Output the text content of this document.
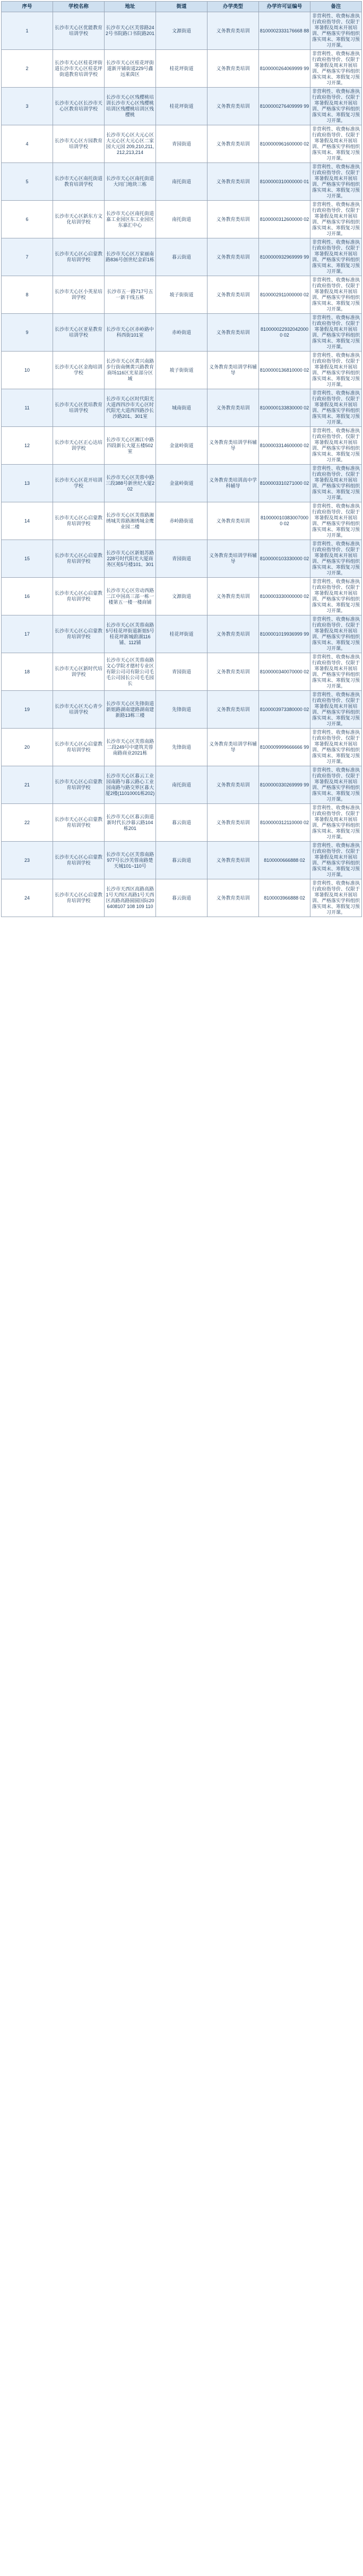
序号	学校名称	地址	街道	办学类型	办学许可证编号	备注
1	长沙市天心区优能教育培训学校	长沙市天心区芙蓉路242号书院路口书院路201	文源街道	义务教育类培训	8100002333176668 88	非营利性、收费标准执行政府指导价、仅限于寒暑假及周末开展培训、严格落实学科组织落实周末、寒假复习预习开课。
2	长沙市天心区桂花坪街道长沙市天心区桂花坪街道教育培训学校	长沙市天心区桂花坪街道新开铺街道229号鑫远莱茵区	桂花坪街道	义务教育类培训	8100000264069999 99	非营利性、收费标准执行政府指导价、仅限于寒暑假及周末开展培训、严格落实学科组织落实周末、寒假复习预习开课。
3	长沙市天心区长沙市天心区教育培训学校	长沙市天心区残樱桃培训长沙市天心区残樱桃培训区残樱桃培训区残樱桃	桂花坪街道	义务教育类培训	8100000276409999 99	非营利性、收费标准执行政府指导价、仅限于寒暑假及周末开展培训、严格落实学科组织落实周末、寒假复习预习开课。
4	长沙市天心区方园教育培训学校	长沙市天心区大元心区大元心区大元心区二家园大元园 209,210,211,212,213,214	青园街道	义务教育类培训	8100000961600000 02	非营利性、收费标准执行政府指导价、仅限于寒暑假及周末开展培训、严格落实学科组织落实周末、寒假复习预习开课。
5	长沙市天心区南托街道教育培训学校	长沙市天心区南托街道大同门地块三栋	南托街道	义务教育类培训	8100000310000000 01	非营利性、收费标准执行政府指导价、仅限于寒暑假及周末开展培训、严格落实学科组织落实周末、寒假复习预习开课。
6	长沙市天心区新东方文化培训学校	长沙市天心区南托街道嘉工业园区东工业园区东嘉汇中心	南托街道	义务教育类培训	8100000312600000 02	非营利性、收费标准执行政府指导价、仅限于寒暑假及周末开展培训、严格落实学科组织落实周末、寒假复习预习开课。
7	长沙市天心区心启蒙教育培训学校	长沙市天心区万家丽南路836号创世纪金彩1栋	暮云街道	义务教育类培训	8100000932969999 99	非营利性、收费标准执行政府指导价、仅限于寒暑假及周末开展培训、严格落实学科组织落实周末、寒假复习预习开课。
8	长沙市天心区小英星培训学校	长沙市五一路717号五一新干线五栋	坡子街街道	义务教育类培训	8100002911000000 02	非营利性、收费标准执行政府指导价、仅限于寒暑假及周末开展培训、严格落实学科组织落实周末、寒假复习预习开课。
9	长沙市天心区亚星教育培训学校	长沙市天心区赤岭路中科西街101室	赤岭街道	义务教育类培训	8100000229320420000 02	非营利性、收费标准执行政府指导价、仅限于寒暑假及周末开展培训、严格落实学科组织落实周末、寒假复习预习开课。
10	长沙市天心区金海培训学校	长沙市天心区黄兴南路步行街南侧黄兴路教育商场116区光星部分区域	坡子街街道	义务教育类培训学科辅导	8100000136810000 02	非营利性、收费标准执行政府指导价、仅限于寒暑假及周末开展培训、严格落实学科组织落实周末、寒假复习预习开课。
11	长沙市天心区优培教育培训学校	长沙市天心区时代阳光大道西四沙市天心区时代阳光大道西四路沙长沙路201、301室	城南街道	义务教育类培训	8100000133830000 02	非营利性、收费标准执行政府指导价、仅限于寒暑假及周末开展培训、严格落实学科组织落实周末、寒假复习预习开课。
12	长沙市天心区正心达培训学校	长沙市天心区湘江中路四段新长大厦五楼502室	金盆岭街道	义务教育类培训学科辅导	8100003314600000 02	非营利性、收费标准执行政府指导价、仅限于寒暑假及周末开展培训、严格落实学科组织落实周末、寒假复习预习开课。
13	长沙市天心区花开培训学校	长沙市天心区芙蓉中路三段388号新世纪大厦202	金盆岭街道	义务教育类培训高中学科辅导	8100003310271000 02	非营利性、收费标准执行政府指导价、仅限于寒暑假及周末开展培训、严格落实学科组织落实周末、寒假复习预习开课。
14	长沙市天心区心启蒙教育培训学校	长沙市天心区芙蓉路湘绣城芙蓉路湘绣城金鹰业园二楼	赤岭路街道	义务教育类培训	8100000103830070000 02	非营利性、收费标准执行政府指导价、仅限于寒暑假及周末开展培训、严格落实学科组织落实周末、寒假复习预习开课。
15	长沙市天心区心启蒙教育培训学校	长沙市天心区新姐苏路228号时代阳光大厦商务区苑5号楼101、301	青园街道	义务教育类培训学科辅导	8100000103330000 02	非营利性、收费标准执行政府指导价、仅限于寒暑假及周末开展培训、严格落实学科组织落实周末、寒假复习预习开课。
16	长沙市天心区心启蒙教育培训学校	长沙市天心区劳动西路二江中国高三部一栋一楼第五一楼一楼商铺	文源街道	义务教育类培训	8100003330000000 02	非营利性、收费标准执行政府指导价、仅限于寒暑假及周末开展培训、严格落实学科组织落实周末、寒假复习预习开课。
17	长沙市天心区心启蒙教育培训学校	长沙市天心区芙蓉南路5号桂花坪街道新姐5号桂花坪新城蔚湖116铺、112铺	桂花坪街道	义务教育类培训	8100001019936999 99	非营利性、收费标准执行政府指导价、仅限于寒暑假及周末开展培训、严格落实学科组织落实周末、寒假复习预习开课。
18	长沙市天心区新时代培训学校	长沙市天心区芙蓉南路文心学院才德村专业区有限公司司有限公司毛毛公司园长公司毛毛园长	青园街道	义务教育类培训	8100000340070000 02	非营利性、收费标准执行政府指导价、仅限于寒暑假及周末开展培训、严格落实学科组织落实周末、寒假复习预习开课。
19	长沙市天心区天心青少培训学校	长沙市天心区先锋街道新姐路湖南建路湖南建新路13栋三楼	先锋街道	义务教育类培训	8100003973380000 02	非营利性、收费标准执行政府指导价、仅限于寒暑假及周末开展培训、严格落实学科组织落实周末、寒假复习预习开课。
20	长沙市天心区心启蒙教育培训学校	长沙市天心区芙蓉南路二段249号中建筑芙蓉南路商业2021栋	先锋街道	义务教育类培训学科辅导	8100009999666666 99	非营利性、收费标准执行政府指导价、仅限于寒暑假及周末开展培训、严格落实学科组织落实周末、寒假复习预习开课。
21	长沙市天心区心启蒙教育培训学校	长沙市天心区暮云工业园南路与暮云路心工业园南路与路交界区暮大厦2楼(11010001栋202)	南托街道	义务教育类培训	8100000330269999 99	非营利性、收费标准执行政府指导价、仅限于寒暑假及周末开展培训、严格落实学科组织落实周末、寒假复习预习开课。
22	长沙市天心区心启蒙教育培训学校	长沙市天心区暮云街道新时代长沙暮云路104栋201	暮云街道	义务教育类培训	8100000312110000 02	非营利性、收费标准执行政府指导价、仅限于寒暑假及周末开展培训、严格落实学科组织落实周末、寒假复习预习开课。
23	长沙市天心区心启蒙教育培训学校	长沙市天心区芙蓉南路977号长沙芙蓉南路楚天城101~110号	暮云街道	义务教育类培训	8100000666888 02	非营利性、收费标准执行政府指导价、仅限于寒暑假及周末开展培训、严格落实学科组织落实周末、寒假复习预习开课。
24	长沙市天心区心启蒙教育培训学校	长沙市天西区高路高路1号天西区高路1号天西区高路高路圆圆国际206408107 108 109 110	暮云街道	义务教育类培训	8100003966888 02	非营利性、收费标准执行政府指导价、仅限于寒暑假及周末开展培训、严格落实学科组织落实周末、寒假复习预习开课。
